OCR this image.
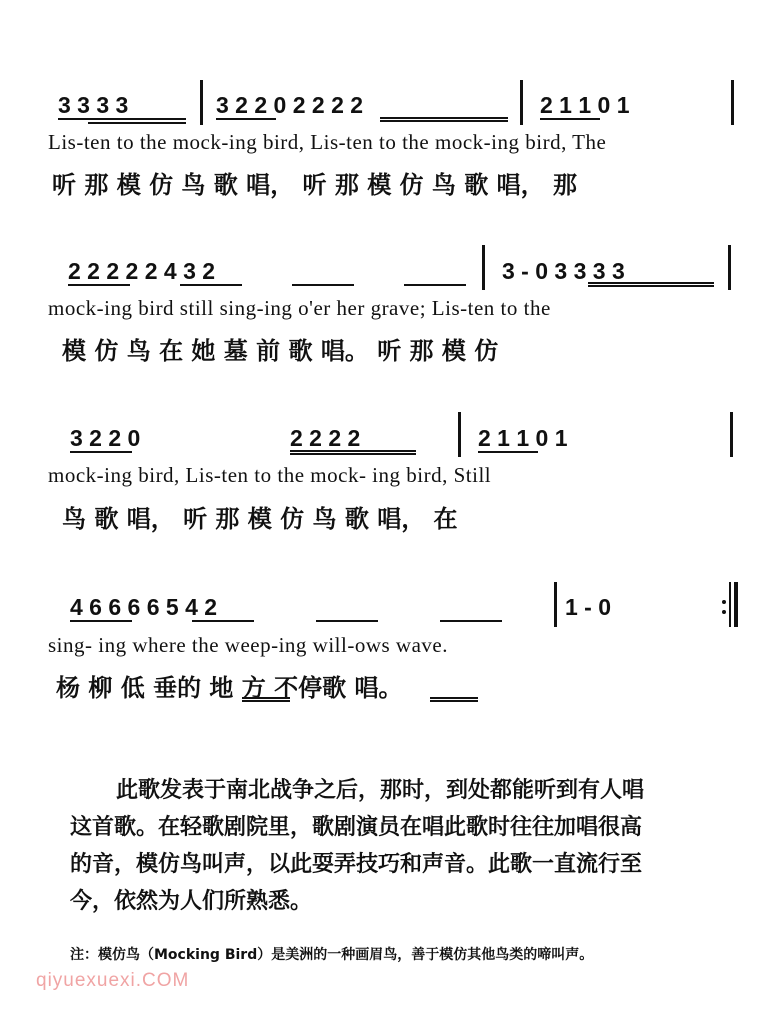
3 3 3 3	3 2 2 0 2 2 2 2	2 1 1 0 1
Lis-ten to the mock-ing bird, Lis-ten to the mock-ing bird, The
听 那 模 仿 鸟 歌 唱， 听 那 模 仿 鸟 歌 唱， 那
2 2 2 2 2 4 3 2	3 - 0 3 3 3 3
mock-ing bird still sing-ing o'er her grave; Lis-ten to the
模 仿 鸟 在 她 墓 前 歌 唱。 听 那 模 仿
3 2 2 0	2 2 2 2	2 1 1 0 1
mock-ing bird, Lis-ten to the mock- ing bird, Still
鸟 歌 唱， 听 那 模 仿 鸟 歌 唱， 在
4 6 6 6 6 5 4 2	1 - 0
sing- ing where the weep-ing will-ows wave.
杨 柳 低 垂的 地 方 不停歌 唱。
此歌发表于南北战争之后，那时，到处都能听到有人唱
这首歌。在轻歌剧院里，歌剧演员在唱此歌时往往加唱很高
的音，模仿鸟叫声，以此耍弄技巧和声音。此歌一直流行至
今，依然为人们所熟悉。
注：模仿鸟（Mocking Bird）是美洲的一种画眉鸟，善于模仿其他鸟类的啼叫声。
qiyuexuexi.COM
